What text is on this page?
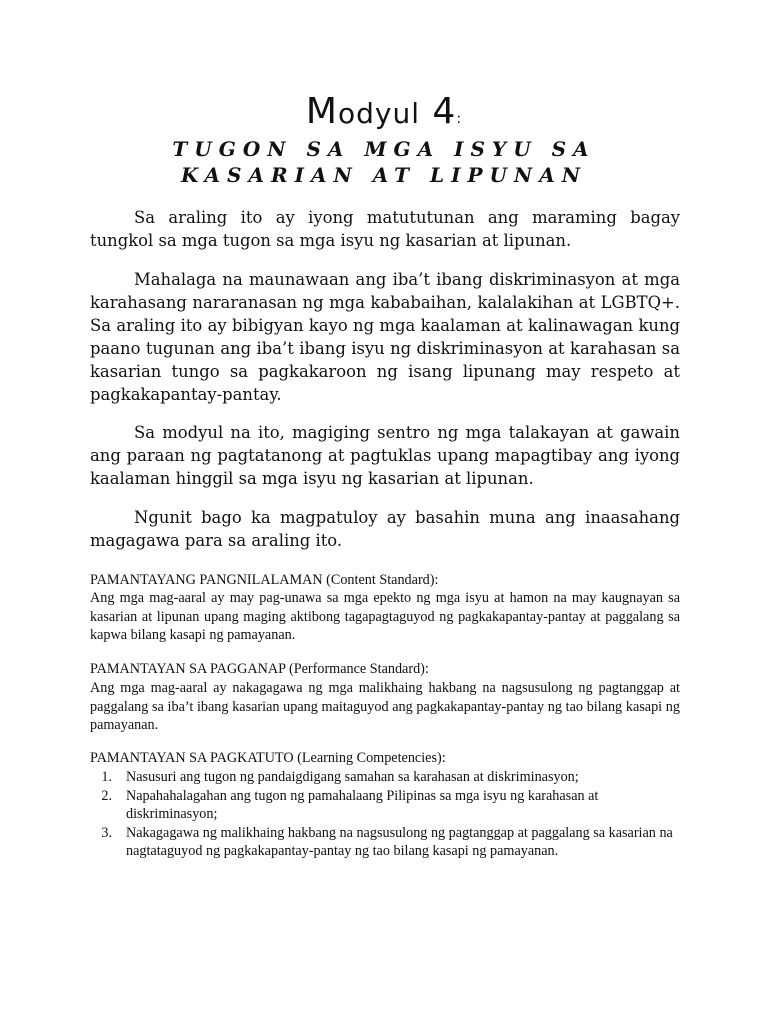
Modyul 4:
TUGON SA MGA ISYU SA
KASARIAN AT LIPUNAN

Sa araling ito ay iyong matututunan ang maraming bagay tungkol sa mga tugon sa mga isyu ng kasarian at lipunan.

Mahalaga na maunawaan ang iba’t ibang diskriminasyon at mga karahasang nararanasan ng mga kababaihan, kalalakihan at LGBTQ+. Sa araling ito ay bibigyan kayo ng mga kaalaman at kalinawagan kung paano tugunan ang iba’t ibang isyu ng diskriminasyon at karahasan sa kasarian tungo sa pagkakaroon ng isang lipunang may respeto at pagkakapantay-pantay.

Sa modyul na ito, magiging sentro ng mga talakayan at gawain ang paraan ng pagtatanong at pagtuklas upang mapagtibay ang iyong kaalaman hinggil sa mga isyu ng kasarian at lipunan.

Ngunit bago ka magpatuloy ay basahin muna ang inaasahang magagawa para sa araling ito.

PAMANTAYANG PANGNILALAMAN (Content Standard):

Ang mga mag-aaral ay may pag-unawa sa mga epekto ng mga isyu at hamon na may kaugnayan sa kasarian at lipunan upang maging aktibong tagapagtaguyod ng pagkakapantay-pantay at paggalang sa kapwa bilang kasapi ng pamayanan.

PAMANTAYAN SA PAGGANAP (Performance Standard):

Ang mga mag-aaral ay nakagagawa ng mga malikhaing hakbang na nagsusulong ng pagtanggap at paggalang sa iba’t ibang kasarian upang maitaguyod ang pagkakapantay-pantay ng tao bilang kasapi ng pamayanan.

PAMANTAYAN SA PAGKATUTO (Learning Competencies):
1. Nasusuri ang tugon ng pandaigdigang samahan sa karahasan at diskriminasyon;
2. Napahahalagahan ang tugon ng pamahalaang Pilipinas sa mga isyu ng karahasan at diskriminasyon;
3. Nakagagawa ng malikhaing hakbang na nagsusulong ng pagtanggap at paggalang sa kasarian na nagtataguyod ng pagkakapantay-pantay ng tao bilang kasapi ng pamayanan.
